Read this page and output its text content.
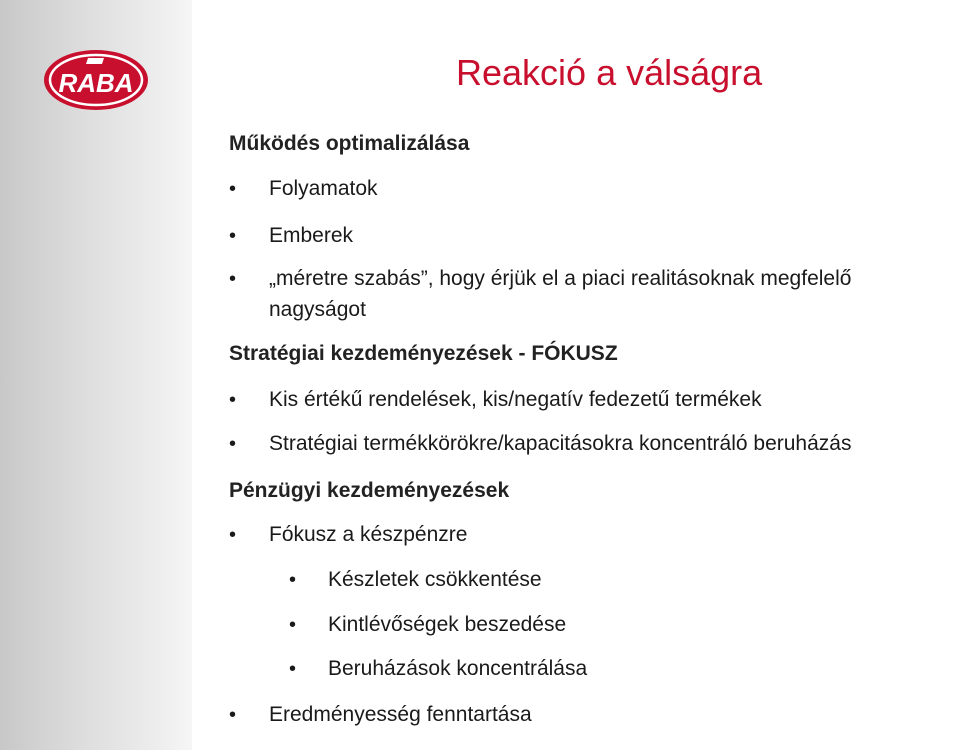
RABA	Reakció a válságra
Működés optimalizálása
• Folyamatok
• Emberek
• „méretre szabás”, hogy érjük el a piaci realitásoknak megfelelő
nagyságot
Stratégiai kezdeményezések - FÓKUSZ
• Kis értékű rendelések, kis/negatív fedezetű termékek
• Stratégiai termékkörökre/kapacitásokra koncentráló beruházás
Pénzügyi kezdeményezések
• Fókusz a készpénzre
• Készletek csökkentése
• Kintlévőségek beszedése
• Beruházások koncentrálása
• Eredményesség fenntartása
